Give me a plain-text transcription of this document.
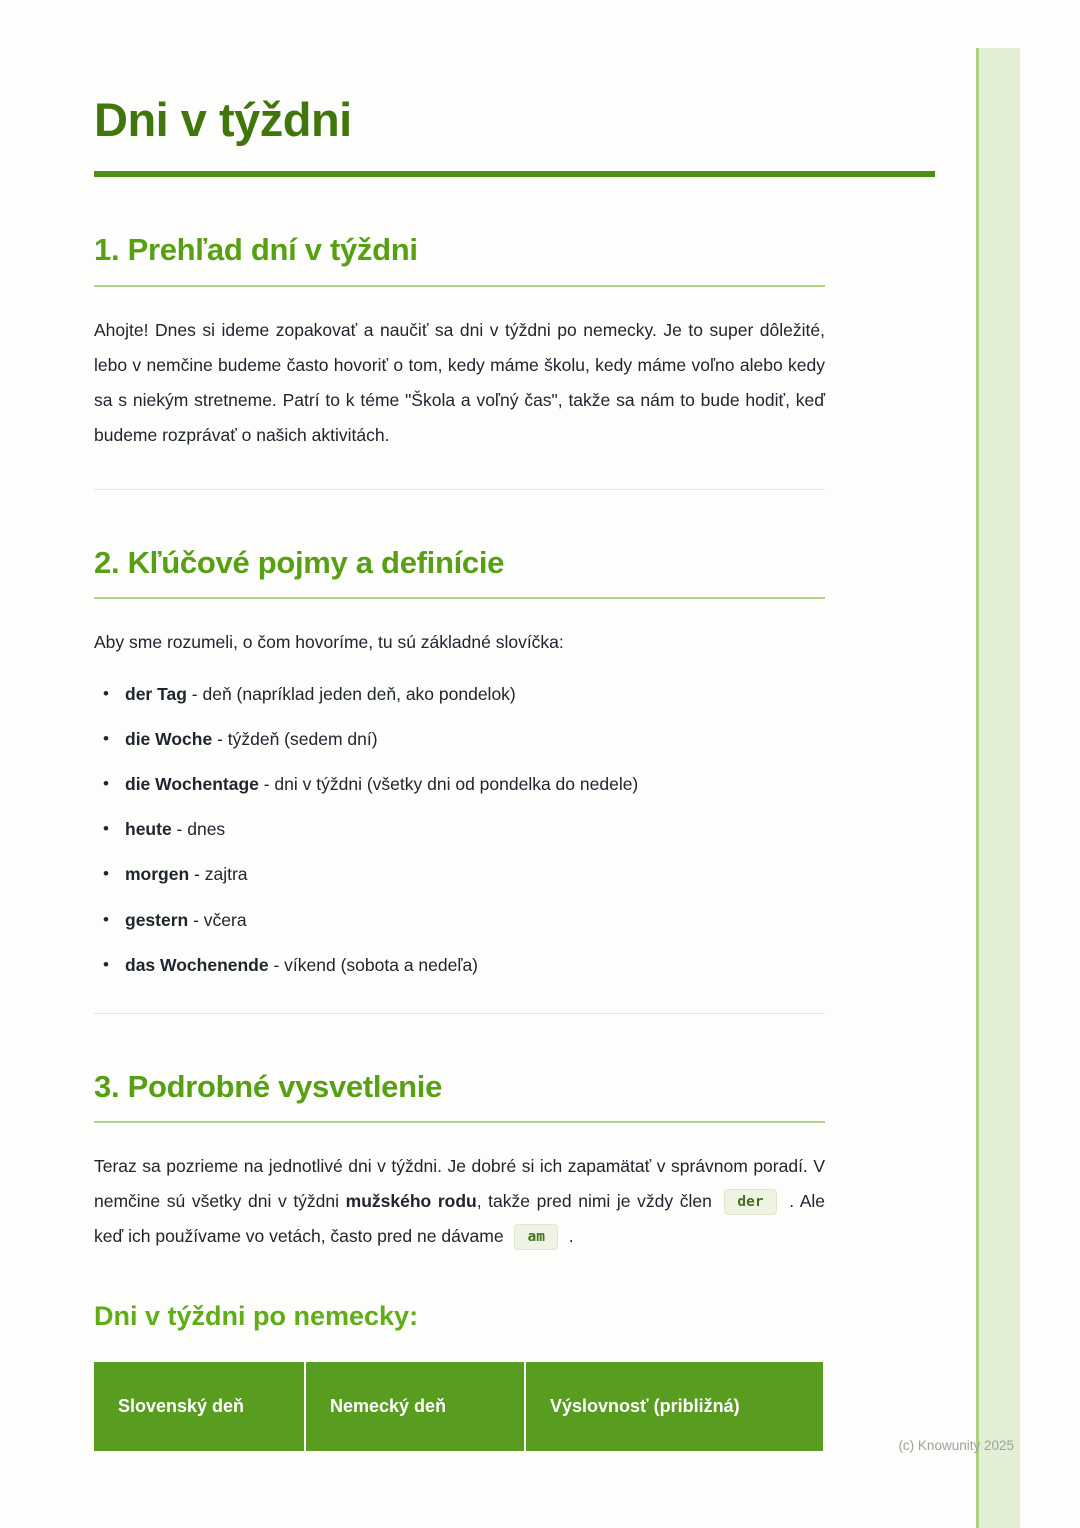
(c) Knowunity 2025
Dni v týždni
1. Prehľad dní v týždni

Ahojte! Dnes si ideme zopakovať a naučiť sa dni v týždni po nemecky. Je to super dôležité, lebo v nemčine budeme často hovoriť o tom, kedy máme školu, kedy máme voľno alebo kedy sa s niekým stretneme. Patrí to k téme "Škola a voľný čas", takže sa nám to bude hodiť, keď budeme rozprávať o našich aktivitách.

2. Kľúčové pojmy a definície

Aby sme rozumeli, o čom hovoríme, tu sú základné slovíčka:

• der Tag - deň (napríklad jeden deň, ako pondelok)
• die Woche - týždeň (sedem dní)
• die Wochentage - dni v týždni (všetky dni od pondelka do nedele)
• heute - dnes
• morgen - zajtra
• gestern - včera
• das Wochenende - víkend (sobota a nedeľa)
3. Podrobné vysvetlenie

Teraz sa pozrieme na jednotlivé dni v týždni. Je dobré si ich zapamätať v správnom poradí. V nemčine sú všetky dni v týždni mužského rodu, takže pred nimi je vždy člen der . Ale keď ich používame vo vetách, často pred ne dávame am .

Dni v týždni po nemecky:
Slovenský deň	Nemecký deň	Výslovnosť (približná)
